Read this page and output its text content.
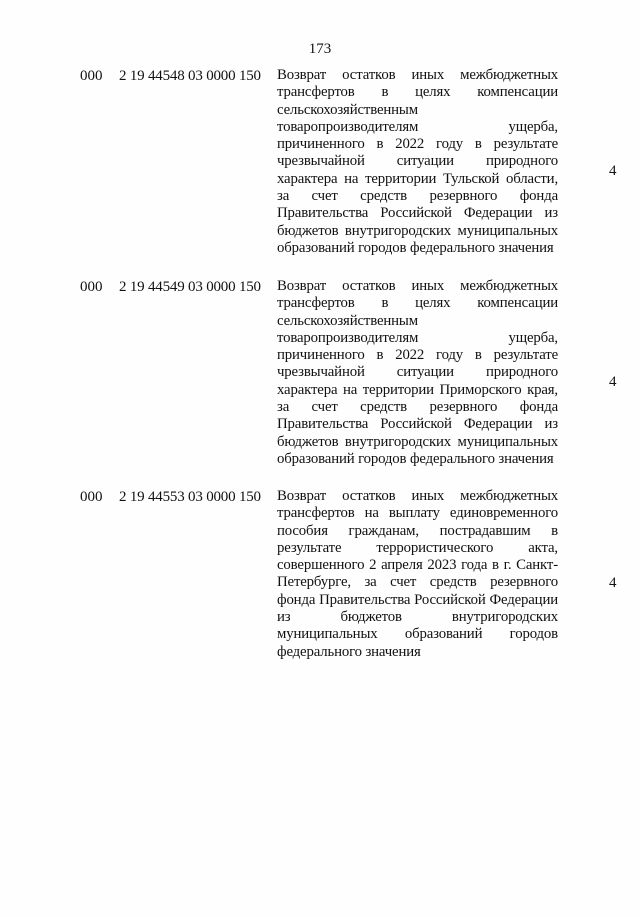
173
000 2 19 44548 03 0000 150 Возврат остатков иных межбюджетных трансфертов в целях компенсации сельскохозяйственным товаропроизводителям ущерба, причиненного в 2022 году в результате чрезвычайной ситуации природного характера на территории Тульской области, за счет средств резервного фонда Правительства Российской Федерации из бюджетов внутригородских муниципальных образований городов федерального значения
4
000 2 19 44549 03 0000 150 Возврат остатков иных межбюджетных трансфертов в целях компенсации сельскохозяйственным товаропроизводителям ущерба, причиненного в 2022 году в результате чрезвычайной ситуации природного характера на территории Приморского края, за счет средств резервного фонда Правительства Российской Федерации из бюджетов внутригородских муниципальных образований городов федерального значения
4
000 2 19 44553 03 0000 150 Возврат остатков иных межбюджетных трансфертов на выплату единовременного пособия гражданам, пострадавшим в результате террористического акта, совершенного 2 апреля 2023 года в г. Санкт-Петербурге, за счет средств резервного фонда Правительства Российской Федерации из бюджетов внутригородских муниципальных образований городов федерального значения
4
